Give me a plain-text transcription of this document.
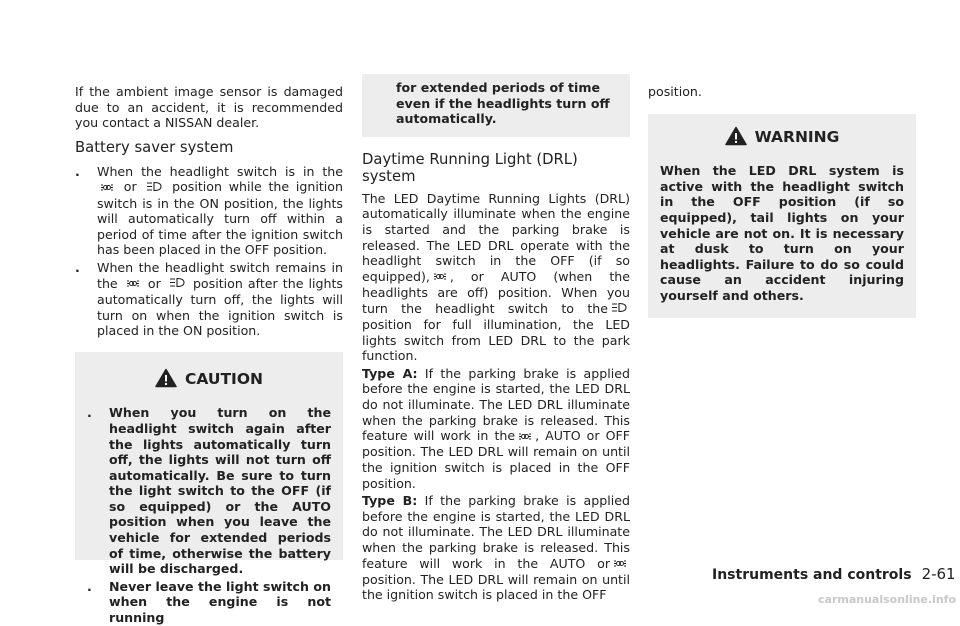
If the ambient image sensor is damaged due to an accident, it is recommended you contact a NISSAN dealer.

Battery saver system
. When the headlight switch is in the  or	position while the ignition switch is in the ON position, the lights will automatically turn off within a period of time after the ignition switch has been placed in the OFF position.
. When the headlight switch remains in the or	position after the lights automatically turn off, the lights will turn on when the ignition switch is placed in the ON position.
CAUTION
. When you turn on the headlight switch again after the lights automatically turn off, the lights will not turn off automatically. Be sure to turn the light switch to the OFF (if so equipped) or the AUTO position when you leave the vehicle for extended periods of time, otherwise the battery will be discharged.
. Never leave the light switch on when the engine is not running

for extended periods of time even if the headlights turn off automatically.

Daytime Running Light (DRL) system

The LED Daytime Running Lights (DRL) automatically illuminate when the engine is started and the parking brake is released. The LED DRL operate with the headlight switch in the OFF (if so equipped), , or AUTO (when the headlights are off) position. When you turn the headlight switch to theposition for full illumination, the LED lights switch from LED DRL to the park function.

Type A: If the parking brake is applied before the engine is started, the LED DRL do not illuminate. The LED DRL illuminate when the parking brake is released. This feature will work in the , AUTO or OFF position. The LED DRL will remain on until the ignition switch is placed in the OFF position.

Type B: If the parking brake is applied before the engine is started, the LED DRL do not illuminate. The LED DRL illuminate when the parking brake is released. This feature will work in the AUTO orposition. The LED DRL will remain on until the ignition switch is placed in the OFF

position.

WARNING

When the LED DRL system is active with the headlight switch in the OFF position (if so equipped), tail lights on your vehicle are not on. It is necessary at dusk to turn on your headlights. Failure to do so could cause an accident injuring yourself and others.

Instruments and controls 2-61
carmanualsonline.info
